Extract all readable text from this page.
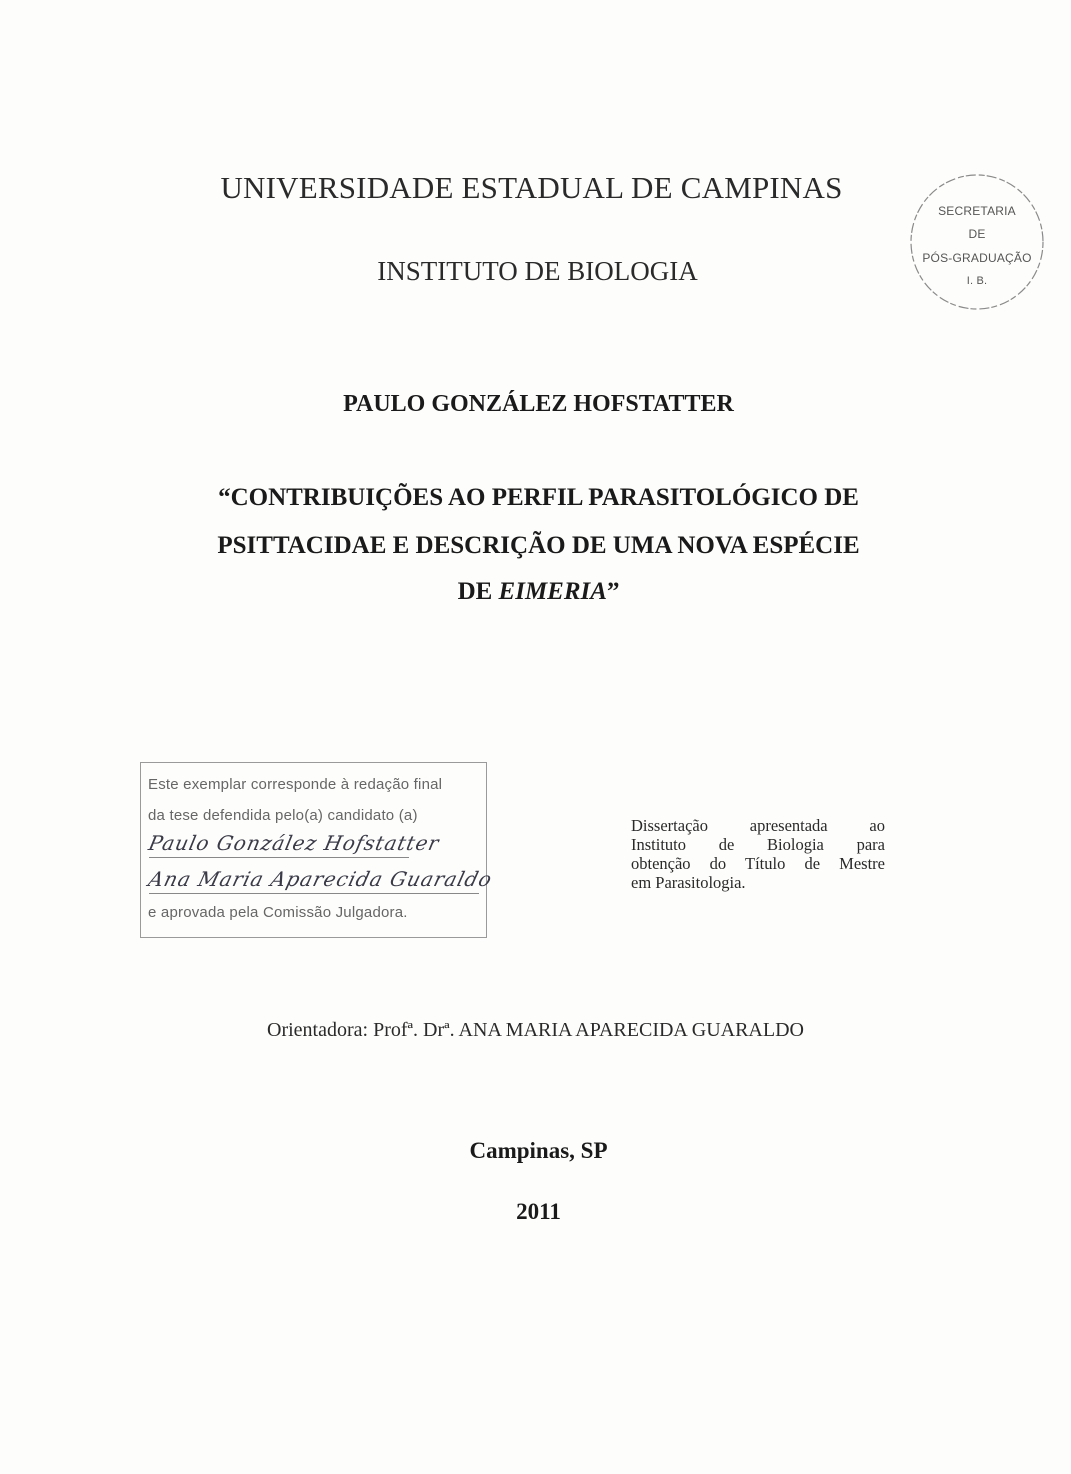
UNIVERSIDADE ESTADUAL DE CAMPINAS
INSTITUTO DE BIOLOGIA
SECRETARIA
DE
PÓS-GRADUAÇÃO
I. B.
PAULO GONZÁLEZ HOFSTATTER
“CONTRIBUIÇÕES AO PERFIL PARASITOLÓGICO DE
PSITTACIDAE E DESCRIÇÃO DE UMA NOVA ESPÉCIE
DE EIMERIA”
Este exemplar corresponde à redação final
da tese defendida pelo(a) candidato (a)
Paulo González Hofstatter
Ana Maria Aparecida Guaraldo
e aprovada pela Comissão Julgadora.
Dissertação apresentada ao
Instituto de Biologia para
obtenção do Título de Mestre
em Parasitologia.
Orientadora: Profª. Drª. ANA MARIA APARECIDA GUARALDO
Campinas, SP
2011
